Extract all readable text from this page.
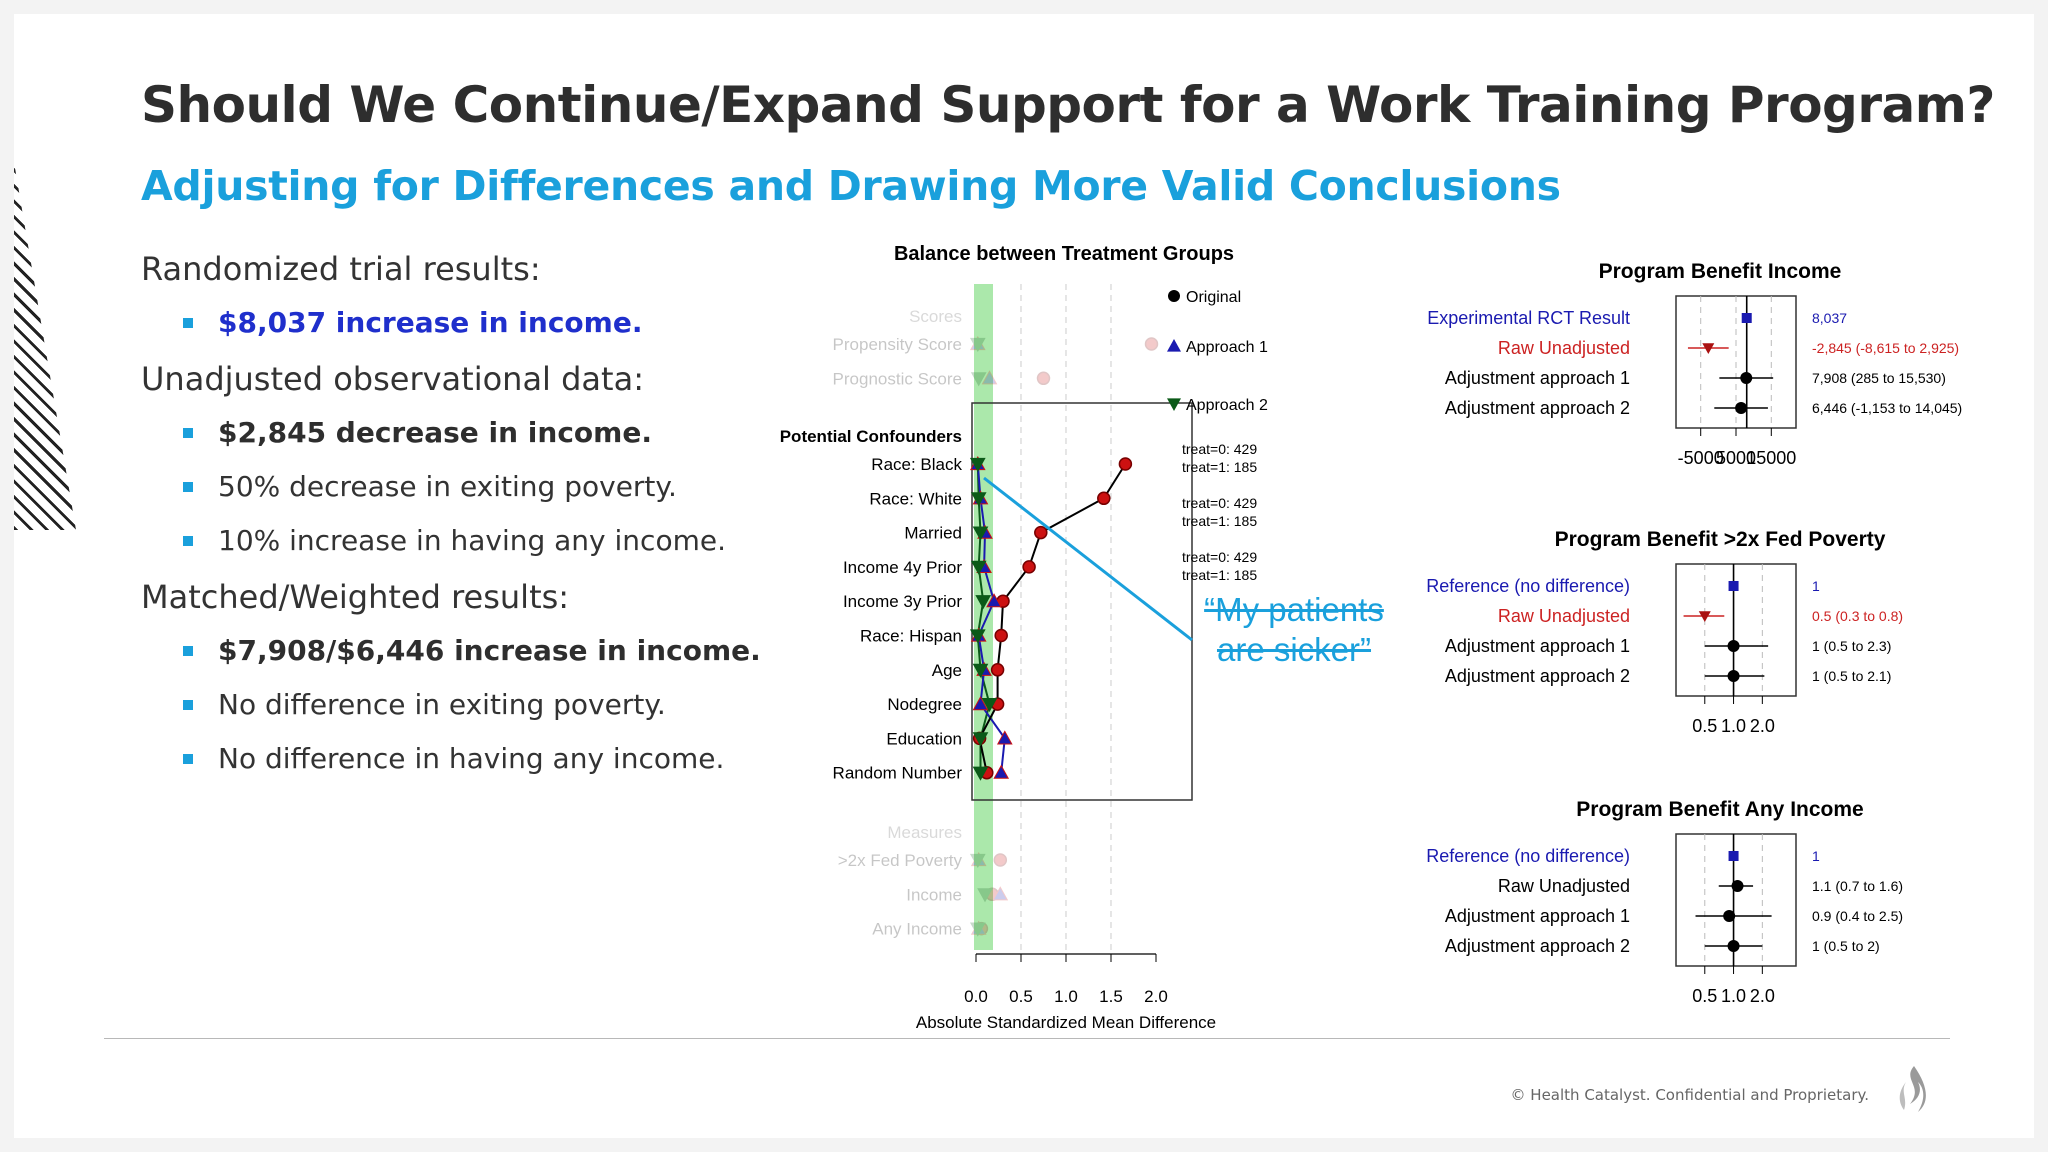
Should We Continue/Expand Support for a Work Training Program?
Adjusting for Differences and Drawing More Valid Conclusions
Randomized trial results:
$8,037 increase in income.
Unadjusted observational data:
$2,845 decrease in income.
50% decrease in exiting poverty.
10% increase in having any income.
Matched/Weighted results:
$7,908/$6,446 increase in income.
No difference in exiting poverty.
No difference in having any income.
Balance between Treatment Groups
Scores
Propensity Score
Prognostic Score
Potential Confounders
Race: Black
Race: White
Married
Income 4y Prior
Income 3y Prior
Race: Hispan
Age
Nodegree
Education
Random Number
Measures
>2x Fed Poverty
Income
Any Income
0.0 0.5 1.0 1.5 2.0
Absolute Standardized Mean Difference
Original
Approach 1
Approach 2
treat=0: 429
treat=1: 185
treat=0: 429
treat=1: 185
treat=0: 429
treat=1: 185
Program Benefit Income
Experimental RCT Result	8,037
Raw Unadjusted	-2,845 (-8,615 to 2,925)
Adjustment approach 1	7,908 (285 to 15,530)
Adjustment approach 2	6,446 (-1,153 to 14,045)
-5000
5000
15000
Program Benefit >2x Fed Poverty
Reference (no difference)	1
Raw Unadjusted	0.5 (0.3 to 0.8)
Adjustment approach 1	1 (0.5 to 2.3)
Adjustment approach 2	1 (0.5 to 2.1)
0.5 1.0 2.0
Program Benefit Any Income
Reference (no difference)	1
Raw Unadjusted	1.1 (0.7 to 1.6)
Adjustment approach 1	0.9 (0.4 to 2.5)
Adjustment approach 2	1 (0.5 to 2)
0.5 1.0 2.0
“My patients are sicker”
© Health Catalyst. Confidential and Proprietary.
